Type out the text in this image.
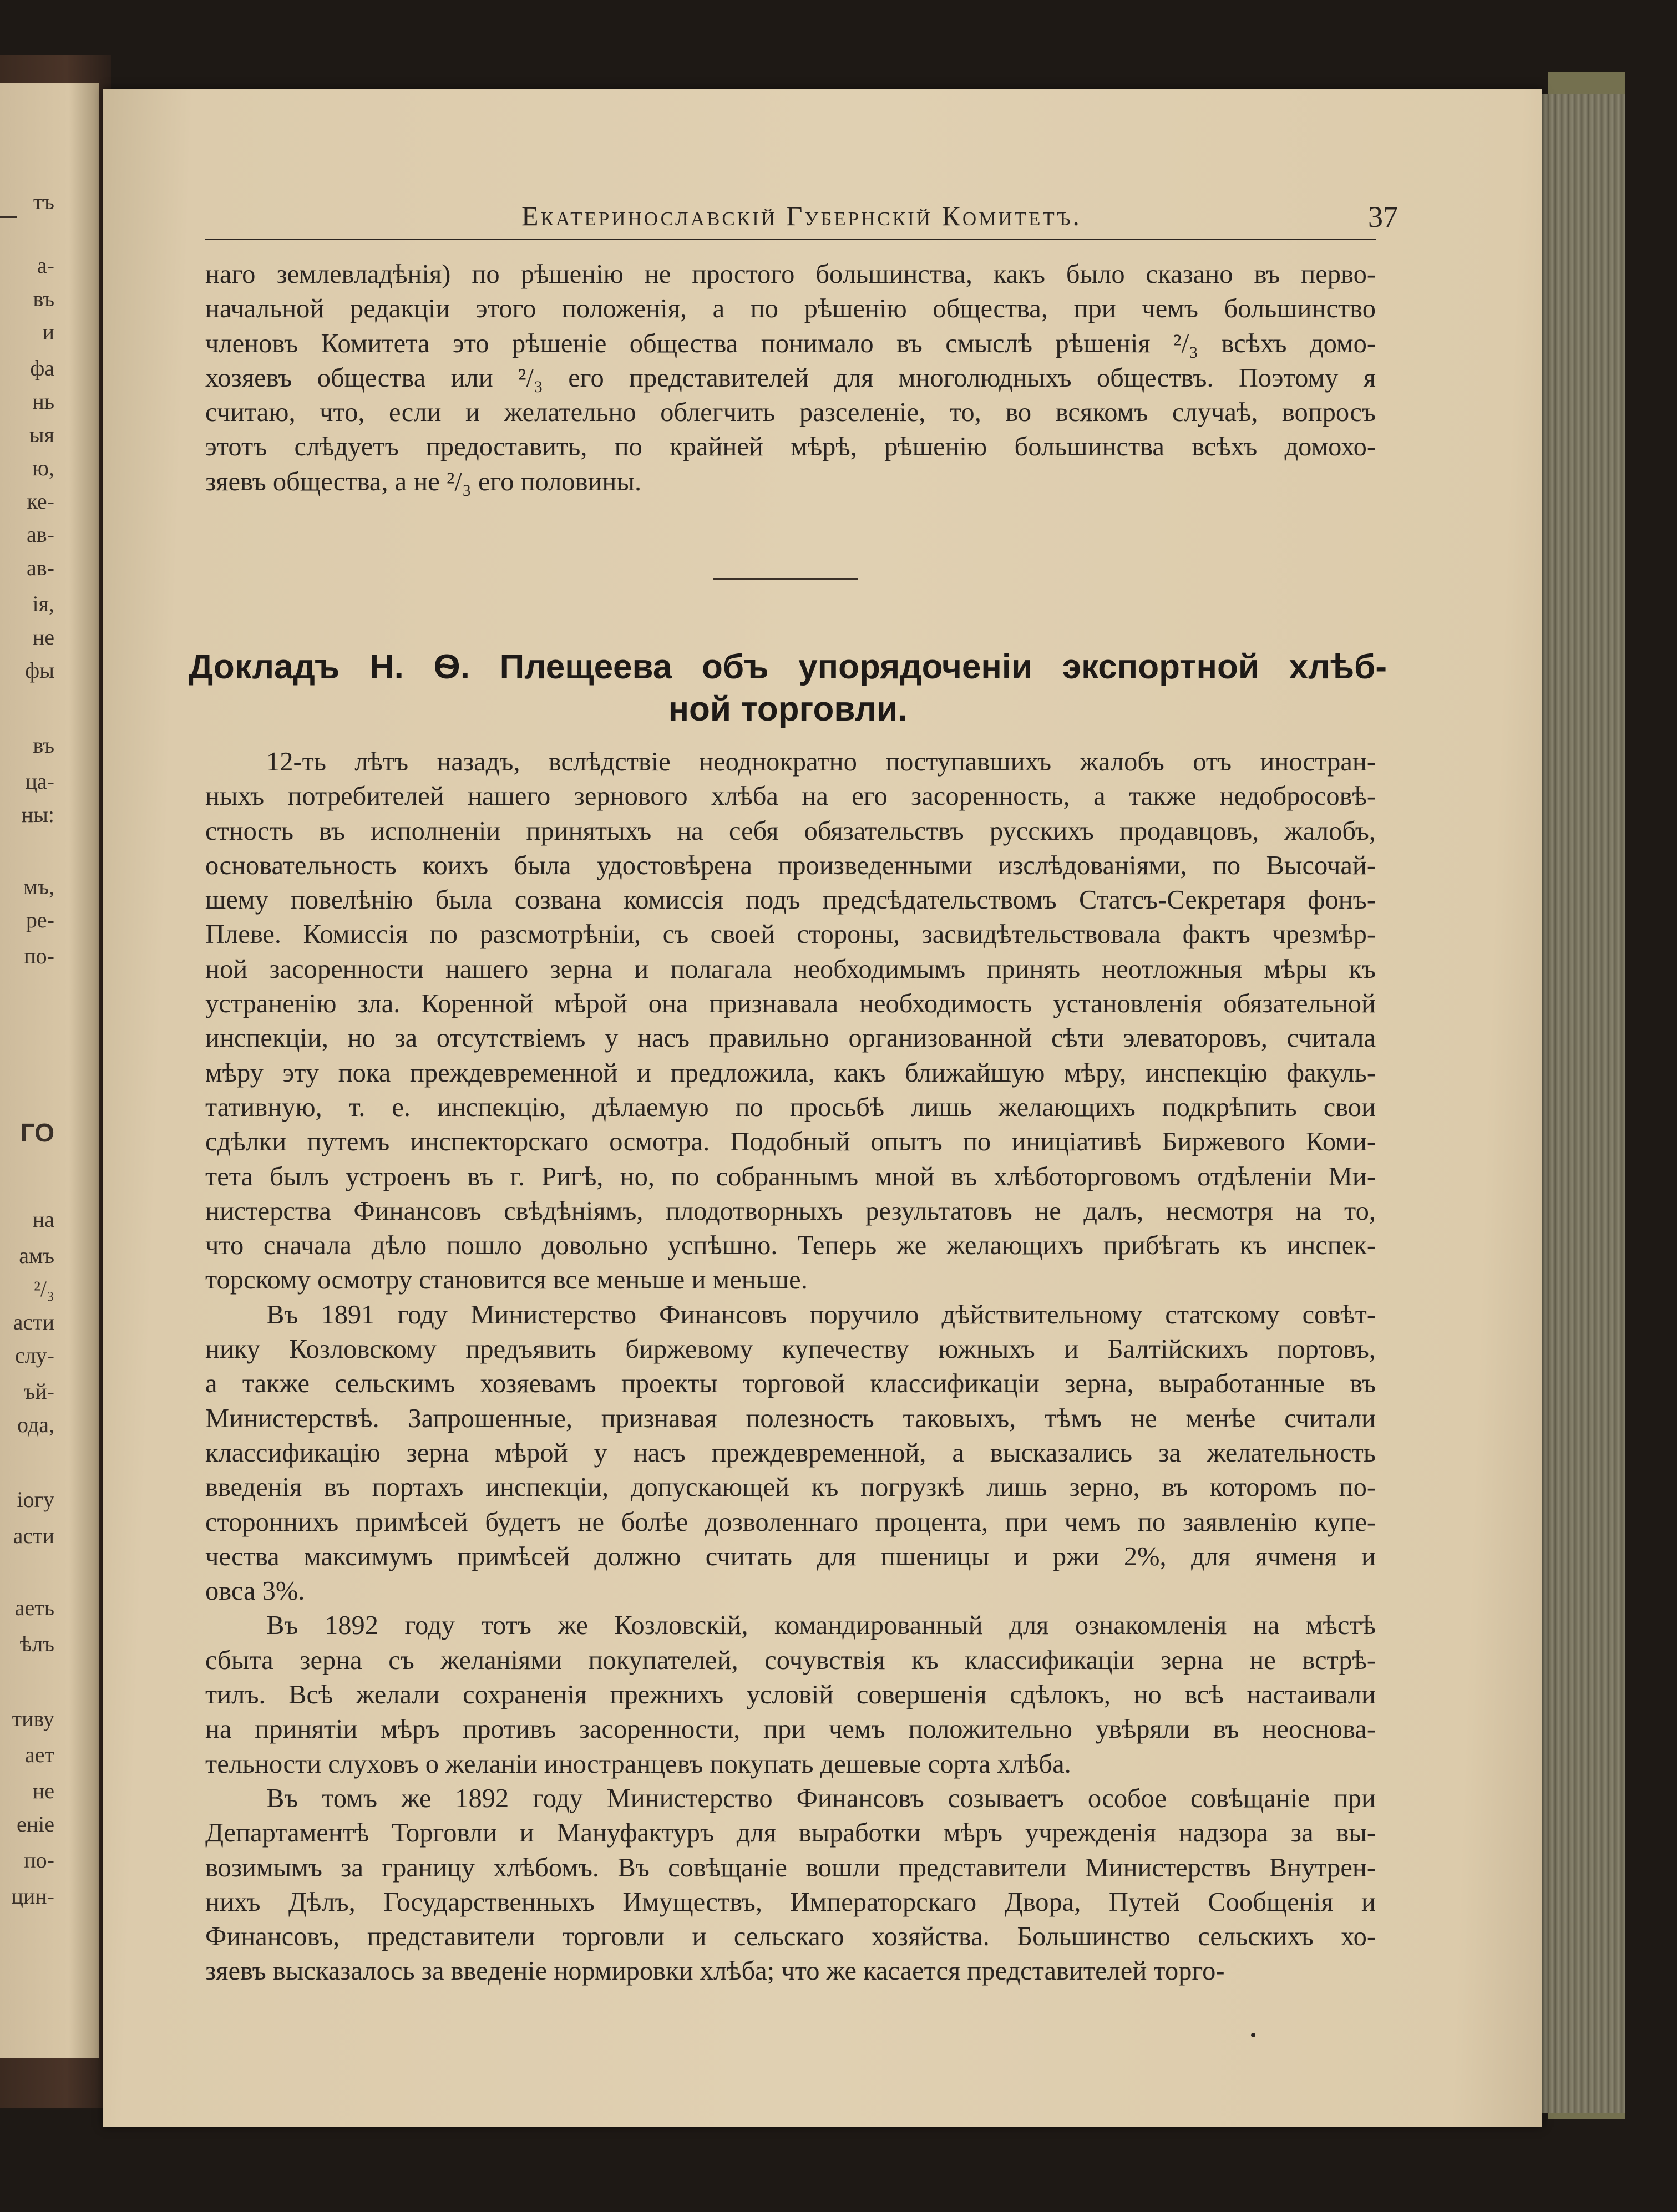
тъ
а-
въ
и
фа
нь
ыя
ю,
ке-
ав-
ав-
ія,
не
фы
въ
ца-
ны:
мъ,
ре-
по-
ГО
на
амъ
²/₃
асти
слу-
ъй-
ода,
іогу
асти
аеть
ѣлъ
тиву
ает
не
еніе
по-
цин-
Екатеринославскій Губернскій Комитетъ.	37

наго землевладѣнія) по рѣшенію не простого большинства, какъ было сказано въ перво-

начальной редакціи этого положенія, а по рѣшенію общества, при чемъ большинство

членовъ Комитета это рѣшеніе общества понимало въ смыслѣ рѣшенія ²/₃ всѣхъ домо-

хозяевъ общества или ²/₃ его представителей для многолюдныхъ обществъ. Поэтому я

считаю, что, если и желательно облегчить разселеніе, то, во всякомъ случаѣ, вопросъ

этотъ слѣдуетъ предоставить, по крайней мѣрѣ, рѣшенію большинства всѣхъ домохо-

зяевъ общества, а не ²/₃ его половины.

Докладъ Н. Ѳ. Плещеева объ упорядоченіи экспортной хлѣб-
ной торговли.

12-ть лѣтъ назадъ, вслѣдствіе неоднократно поступавшихъ жалобъ отъ иностран-

ныхъ потребителей нашего зернового хлѣба на его засоренность, а также недобросовѣ-

стность въ исполненіи принятыхъ на себя обязательствъ русскихъ продавцовъ, жалобъ,

основательность коихъ была удостовѣрена произведенными изслѣдованіями, по Высочай-

шему повелѣнію была созвана комиссія подъ предсѣдательствомъ Статсъ-Секретаря фонъ-

Плеве. Комиссія по разсмотрѣніи, съ своей стороны, засвидѣтельствовала фактъ чрезмѣр-

ной засоренности нашего зерна и полагала необходимымъ принять неотложныя мѣры къ

устраненію зла. Коренной мѣрой она признавала необходимость установленія обязательной

инспекціи, но за отсутствіемъ у насъ правильно организованной сѣти элеваторовъ, считала

мѣру эту пока преждевременной и предложила, какъ ближайшую мѣру, инспекцію факуль-

тативную, т. е. инспекцію, дѣлаемую по просьбѣ лишь желающихъ подкрѣпить свои

сдѣлки путемъ инспекторскаго осмотра. Подобный опытъ по иниціативѣ Биржевого Коми-

тета былъ устроенъ въ г. Ригѣ, но, по собраннымъ мной въ хлѣботорговомъ отдѣленіи Ми-

нистерства Финансовъ свѣдѣніямъ, плодотворныхъ результатовъ не далъ, несмотря на то,

что сначала дѣло пошло довольно успѣшно. Теперь же желающихъ прибѣгать къ инспек-

торскому осмотру становится все меньше и меньше.

Въ 1891 году Министерство Финансовъ поручило дѣйствительному статскому совѣт-

нику Козловскому предъявить биржевому купечеству южныхъ и Балтійскихъ портовъ,

а также сельскимъ хозяевамъ проекты торговой классификаціи зерна, выработанные въ

Министерствѣ. Запрошенные, признавая полезность таковыхъ, тѣмъ не менѣе считали

классификацію зерна мѣрой у насъ преждевременной, а высказались за желательность

введенія въ портахъ инспекціи, допускающей къ погрузкѣ лишь зерно, въ которомъ по-

стороннихъ примѣсей будетъ не болѣе дозволеннаго процента, при чемъ по заявленію купе-

чества максимумъ примѣсей должно считать для пшеницы и ржи 2%, для ячменя и

овса 3%.

Въ 1892 году тотъ же Козловскій, командированный для ознакомленія на мѣстѣ

сбыта зерна съ желаніями покупателей, сочувствія къ классификаціи зерна не встрѣ-

тилъ. Всѣ желали сохраненія прежнихъ условій совершенія сдѣлокъ, но всѣ настаивали

на принятіи мѣръ противъ засоренности, при чемъ положительно увѣряли въ неоснова-

тельности слуховъ о желаніи иностранцевъ покупать дешевые сорта хлѣба.

Въ томъ же 1892 году Министерство Финансовъ созываетъ особое совѣщаніе при

Департаментѣ Торговли и Мануфактуръ для выработки мѣръ учрежденія надзора за вы-

возимымъ за границу хлѣбомъ. Въ совѣщаніе вошли представители Министерствъ Внутрен-

нихъ Дѣлъ, Государственныхъ Имуществъ, Императорскаго Двора, Путей Сообщенія и

Финансовъ, представители торговли и сельскаго хозяйства. Большинство сельскихъ хо-

зяевъ высказалось за введеніе нормировки хлѣба; что же касается представителей торго-
